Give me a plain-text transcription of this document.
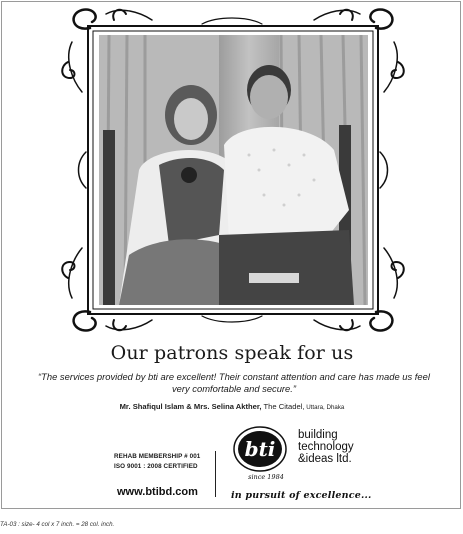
Our patrons speak for us
“The services provided by bti are excellent! Their constant attention and care has made us feel
very comfortable and secure.”
Mr. Shafiqul Islam & Mrs. Selina Akther, The Citadel, Uttara, Dhaka
REHAB MEMBERSHIP # 001
ISO 9001 : 2008 CERTIFIED
www.btibd.com
bti
since 1984
building
technology
&ideas ltd.
in pursuit of excellence...
TA-03 : size- 4 col x 7 inch. = 28 col. inch.
